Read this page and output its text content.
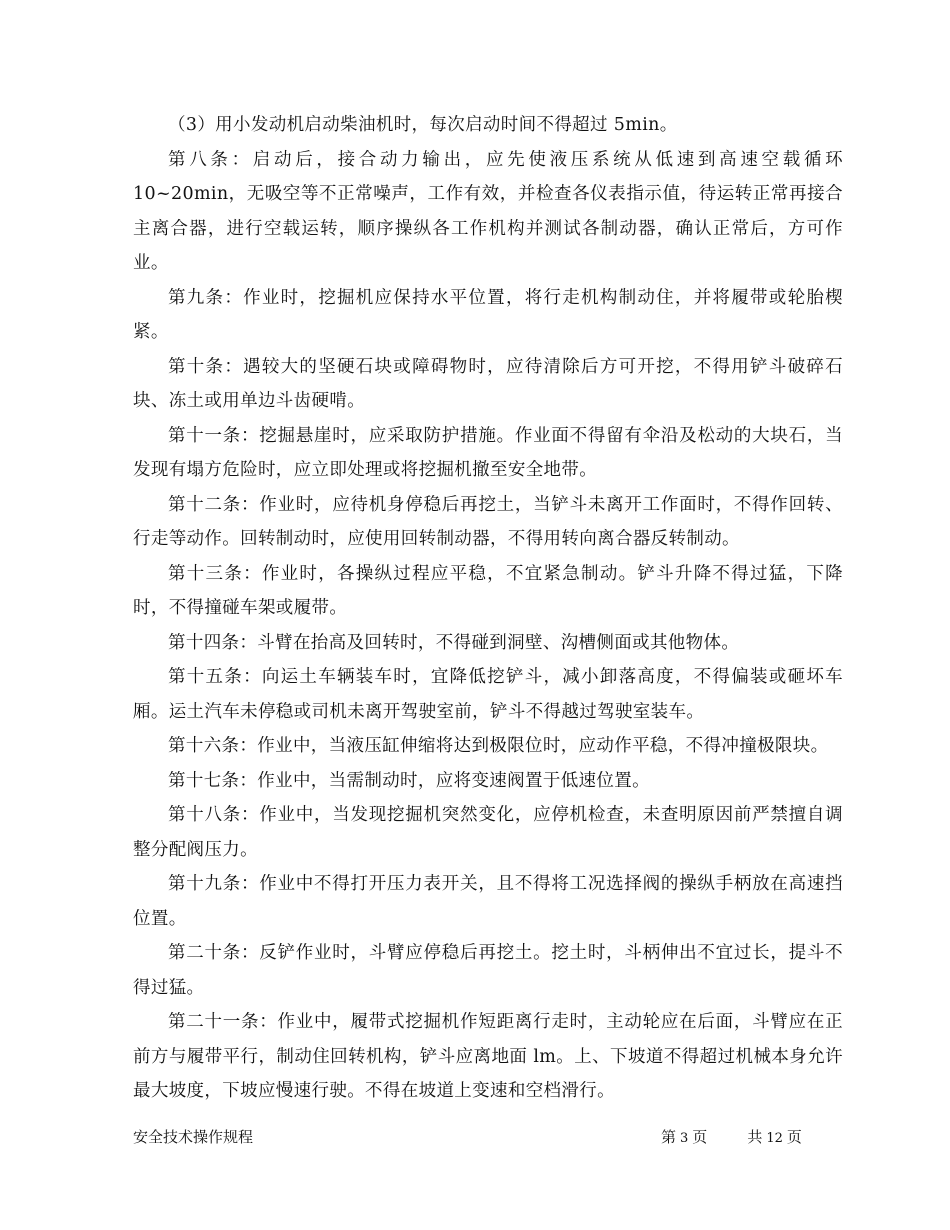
（3）用小发动机启动柴油机时，每次启动时间不得超过 5min。

第八条：启动后，接合动力输出，应先使液压系统从低速到高速空载循环 10~20min，无吸空等不正常噪声，工作有效，并检查各仪表指示值，待运转正常再接合主离合器，进行空载运转，顺序操纵各工作机构并测试各制动器，确认正常后，方可作业。

第九条：作业时，挖掘机应保持水平位置，将行走机构制动住，并将履带或轮胎楔紧。

第十条：遇较大的坚硬石块或障碍物时，应待清除后方可开挖，不得用铲斗破碎石块、冻土或用单边斗齿硬啃。

第十一条：挖掘悬崖时，应采取防护措施。作业面不得留有伞沿及松动的大块石，当发现有塌方危险时，应立即处理或将挖掘机撤至安全地带。

第十二条：作业时，应待机身停稳后再挖土，当铲斗未离开工作面时，不得作回转、行走等动作。回转制动时，应使用回转制动器，不得用转向离合器反转制动。

第十三条：作业时，各操纵过程应平稳，不宜紧急制动。铲斗升降不得过猛，下降时，不得撞碰车架或履带。

第十四条：斗臂在抬高及回转时，不得碰到洞壁、沟槽侧面或其他物体。

第十五条：向运土车辆装车时，宜降低挖铲斗，减小卸落高度，不得偏装或砸坏车厢。运土汽车未停稳或司机未离开驾驶室前，铲斗不得越过驾驶室装车。

第十六条：作业中，当液压缸伸缩将达到极限位时，应动作平稳，不得冲撞极限块。

第十七条：作业中，当需制动时，应将变速阀置于低速位置。

第十八条：作业中，当发现挖掘机突然变化，应停机检查，未查明原因前严禁擅自调整分配阀压力。

第十九条：作业中不得打开压力表开关，且不得将工况选择阀的操纵手柄放在高速挡位置。

第二十条：反铲作业时，斗臂应停稳后再挖土。挖土时，斗柄伸出不宜过长，提斗不得过猛。

第二十一条：作业中，履带式挖掘机作短距离行走时，主动轮应在后面，斗臂应在正前方与履带平行，制动住回转机构，铲斗应离地面 lm。上、下坡道不得超过机械本身允许最大坡度，下坡应慢速行驶。不得在坡道上变速和空档滑行。

安全技术操作规程	第 3 页	共 12 页
